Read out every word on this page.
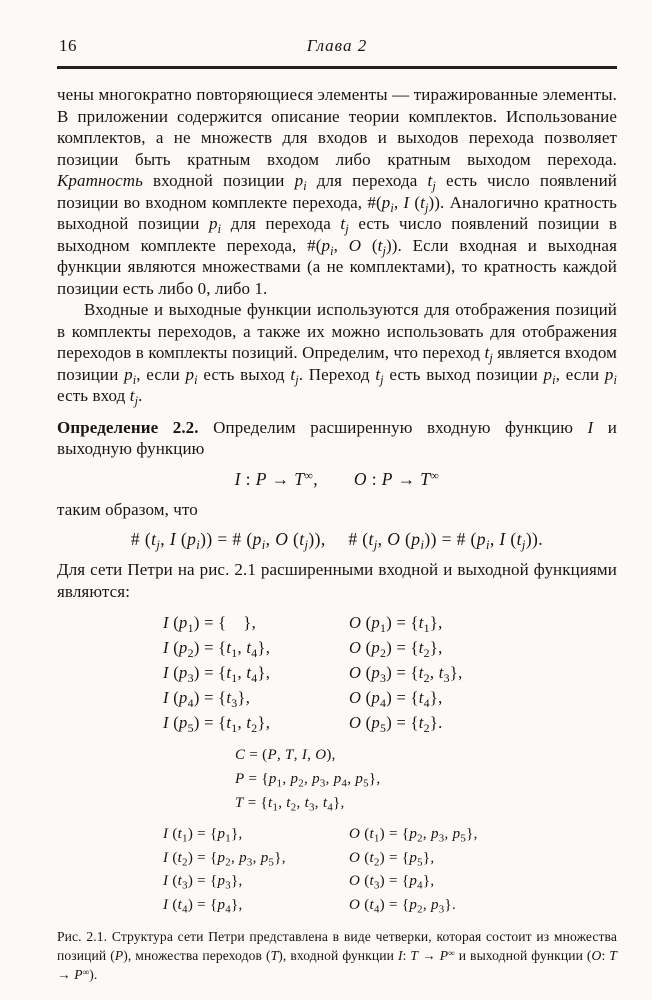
16	Глава 2

чены многократно повторяющиеся элементы — тиражированные элементы. В приложении содержится описание теории комплектов. Использование комплектов, а не множеств для входов и выходов перехода позволяет позиции быть кратным входом либо кратным выходом перехода. Кратность входной позиции $p_i$ для перехода $t_j$ есть число появлений позиции во входном комплекте перехода, $\#(p_i$, I $(t_j)$). Аналогично кратность выходной позиции $p_i$ для перехода $t_j$ есть число появлений позиции в выходном комплекте перехода, $\#(p_i$, O $(t_j)$). Если входная и выходная функции являются множествами (а не комплектами), то кратность каждой позиции есть либо 0, либо 1.

Входные и выходные функции используются для отображения позиций в комплекты переходов, а также их можно использовать для отображения переходов в комплекты позиций. Определим, что переход $t_j$ является входом позиции $p_i$, если $p_i$ есть выход $t_j$. Переход $t_j$ есть выход позиции $p_i$, если $p_i$ есть вход $t_j$.

Определение 2.2. Определим расширенную входную функцию I и выходную функцию

I : P → T∞,  O : P → T∞

таким образом, что

# ($t_j$, I $(p_i)$) = # ($p_i$, O $(t_j)$),  # ($t_j$, O $(p_i)$) = # ($p_i$, I $(t_j)$).

Для сети Петри на рис. 2.1 расширенными входной и выходной функциями являются:

I $(p_1)$ = {  },	O $(p_1) = \{t_1\}$,
I $(p_2) = \{t_1$, $t_4$},	O $(p_2) = \{t_2\}$,
I $(p_3) = \{t_1$, $t_4$},	O $(p_3) = \{t_2$, $t_3$},
I $(p_4) = \{t_3\}$,	O $(p_4) = \{t_4\}$,
I $(p_5) = \{t_1$, $t_2$},	O $(p_5) = \{t_2\}$.
C = (P, T, I, O),
$P = \{p_1$, $p_2$, $p_3$, $p_4$, $p_5$},
$T = \{t_1$, $t_2$, $t_3$, $t_4$},
I $(t_1) = \{p_1\}$,	O $(t_1) = \{p_2$, $p_3$, $p_5$},
I $(t_2) = \{p_2$, $p_3$, $p_5$},	O $(t_2) = \{p_5\}$,
I $(t_3) = \{p_3\}$,	O $(t_3) = \{p_4\}$,
I $(t_4) = \{p_4\}$,	O $(t_4) = \{p_2$, $p_3$}.

Рис. 2.1. Структура сети Петри представлена в виде четверки, которая состоит из множества позиций (P), множества переходов (T), входной функции I: T → P∞ и выходной функции (O: T → P∞).
